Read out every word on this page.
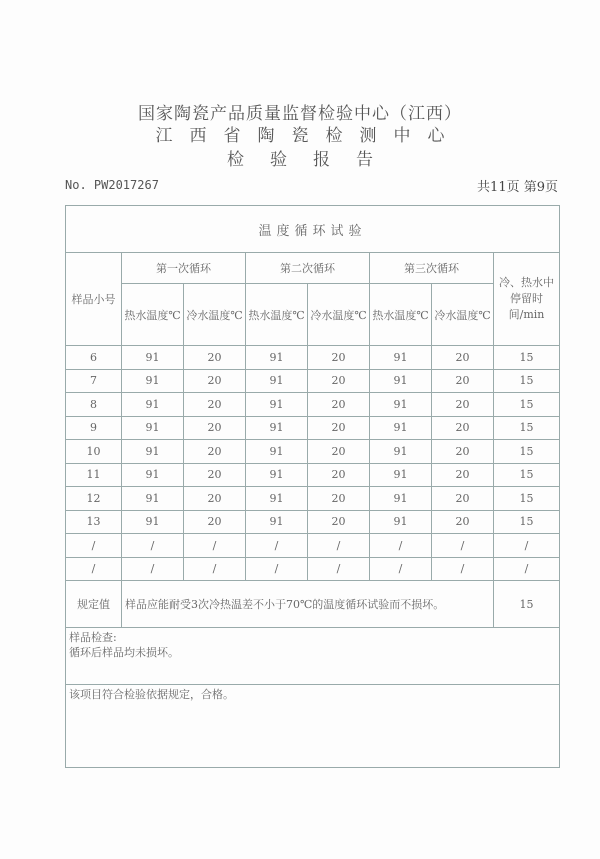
国家陶瓷产品质量监督检验中心（江西）
江西省陶瓷检测中心
检验报告
No. PW2017267	共11页 第9页
温度循环试验							
样品小号	第一次循环		第二次循环		第三次循环		冷、热水中停留时间/min
	热水温度℃	冷水温度℃	热水温度℃	冷水温度℃	热水温度℃	冷水温度℃	
6	91	20	91	20	91	20	15
7	91	20	91	20	91	20	15
8	91	20	91	20	91	20	15
9	91	20	91	20	91	20	15
10	91	20	91	20	91	20	15
11	91	20	91	20	91	20	15
12	91	20	91	20	91	20	15
13	91	20	91	20	91	20	15
/	/	/	/	/	/	/	/
/	/	/	/	/	/	/	/
规定值	样品应能耐受3次冷热温差不小于70℃的温度循环试验而不损坏。						15

样品检查:
循环后样品均未损坏。							

该项目符合检验依据规定，合格。							
